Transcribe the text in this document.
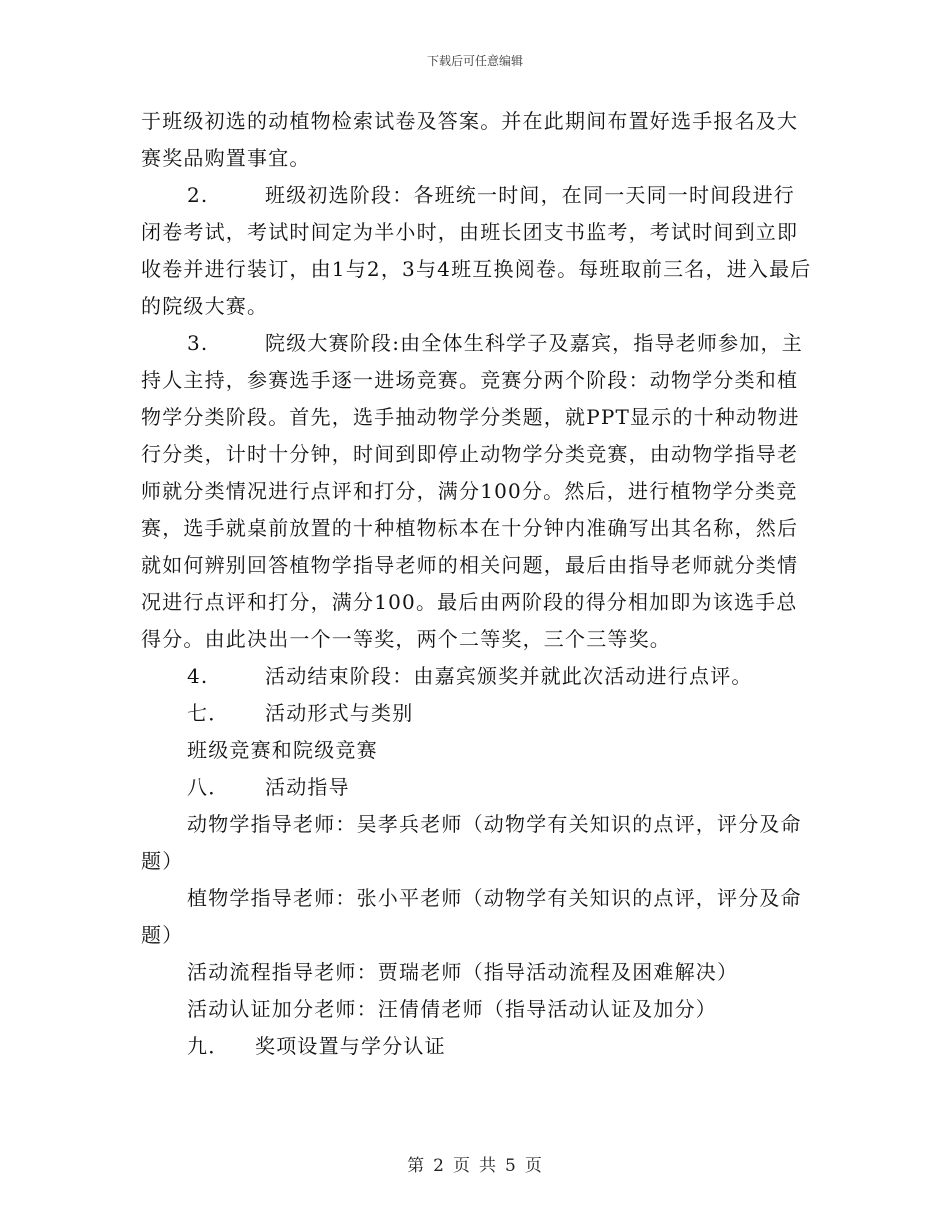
下载后可任意编辑

于班级初选的动植物检索试卷及答案。并在此期间布置好选手报名及大赛奖品购置事宜。

2.	班级初选阶段：各班统一时间，在同一天同一时间段进行闭卷考试，考试时间定为半小时，由班长团支书监考，考试时间到立即收卷并进行装订，由1与2，3与4班互换阅卷。每班取前三名，进入最后的院级大赛。

3.	院级大赛阶段:由全体生科学子及嘉宾，指导老师参加，主持人主持，参赛选手逐一进场竞赛。竞赛分两个阶段：动物学分类和植物学分类阶段。首先，选手抽动物学分类题，就PPT显示的十种动物进行分类，计时十分钟，时间到即停止动物学分类竞赛，由动物学指导老师就分类情况进行点评和打分，满分100分。然后，进行植物学分类竞赛，选手就桌前放置的十种植物标本在十分钟内准确写出其名称，然后就如何辨别回答植物学指导老师的相关问题，最后由指导老师就分类情况进行点评和打分，满分100。最后由两阶段的得分相加即为该选手总得分。由此决出一个一等奖，两个二等奖，三个三等奖。

4.	活动结束阶段：由嘉宾颁奖并就此次活动进行点评。

七． 活动形式与类别

班级竞赛和院级竞赛

八． 活动指导

动物学指导老师：吴孝兵老师（动物学有关知识的点评，评分及命题）

植物学指导老师：张小平老师（动物学有关知识的点评，评分及命题）

活动流程指导老师：贾瑞老师（指导活动流程及困难解决）

活动认证加分老师：汪倩倩老师（指导活动认证及加分）

九． 奖项设置与学分认证

第 2 页 共 5 页
